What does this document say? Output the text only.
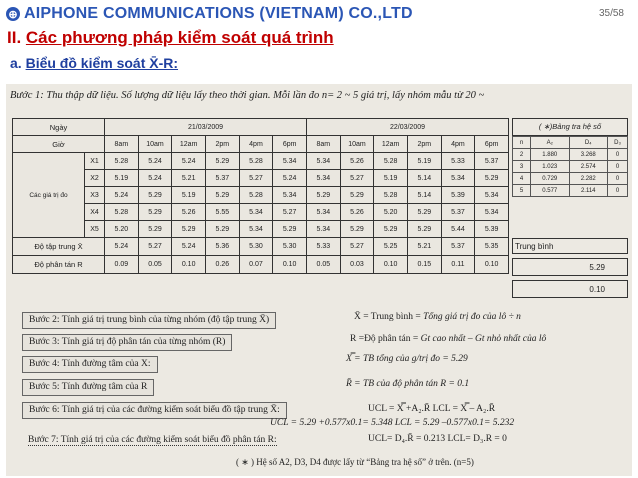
⊕ AIPHONE COMMUNICATIONS (VIETNAM) CO.,LTD	35/58
II. Các phương pháp kiểm soát quá trình
a. Biểu đồ kiểm soát X̄-R:
Bước 1: Thu thập dữ liệu. Số lượng dữ liệu lấy theo thời gian. Mỗi lần đo n= 2 ~ 5 giá trị, lấy nhóm mẫu từ 20 ~
Ngày		21/03/2009						22/03/2009					
Giờ		8am	10am	12am	2pm	4pm	6pm	8am	10am	12am	2pm	4pm	6pm
Các giá trị đo	X1	5.28	5.24	5.24	5.29	5.28	5.34	5.34	5.26	5.28	5.19	5.33	5.37
	X2	5.19	5.24	5.21	5.37	5.27	5.24	5.34	5.27	5.19	5.14	5.34	5.29
	X3	5.24	5.29	5.19	5.29	5.28	5.34	5.29	5.29	5.28	5.14	5.39	5.34
	X4	5.28	5.29	5.26	5.55	5.34	5.27	5.34	5.26	5.20	5.29	5.37	5.34
	X5	5.20	5.29	5.29	5.29	5.34	5.29	5.34	5.29	5.29	5.29	5.44	5.39
Độ tập trung X̄		5.24	5.27	5.24	5.36	5.30	5.30	5.33	5.27	5.25	5.21	5.37	5.35
Độ phân tán R		0.09	0.05	0.10	0.26	0.07	0.10	0.05	0.03	0.10	0.15	0.11	0.10
( ∗)Bảng tra hệ số
n	A₂	D₄	D₃
2	1.880	3.268	0
3	1.023	2.574	0
4	0.729	2.282	0
5	0.577	2.114	0
Trung bình
5.29
0.10
Bước 2: Tính giá trị trung bình của từng nhóm (độ tập trung X̄)
Bước 3: Tính giá trị độ phân tán của từng nhóm (R)
Bước 4: Tính đường tâm của X:
Bước 5: Tính đường tâm của R
Bước 6: Tính giá trị của các đường kiểm soát biểu đồ tập trung X̄:
Bước 7: Tính giá trị của các đường kiểm soát biểu đồ phân tán R:
X̄ = Trung bình = Tổng giá trị đo của lô ÷ n
R =Độ phân tán = Gt cao nhất – Gt nhỏ nhất của lô
X̿ = TB tổng của g/trị đo = 5.29
R̄ = TB của độ phân tán R = 0.1
UCL = X̿ +A₂.R̄ LCL = X̿ – A₂.R̄
UCL = 5.29 +0.577x0.1= 5.348 LCL = 5.29 –0.577x0.1= 5.232
UCL= D₄.R̄ = 0.213 LCL= D₃.R = 0
( ∗ ) Hệ số A2, D3, D4 được lấy từ “Bảng tra hệ số” ở trên. (n=5)
